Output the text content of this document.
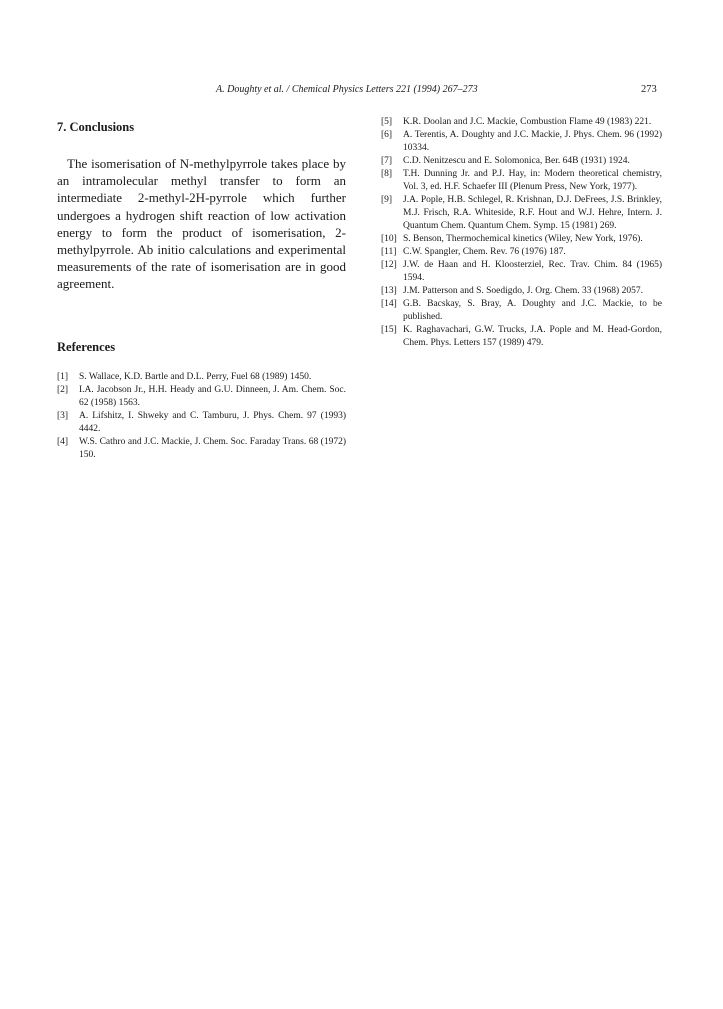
A. Doughty et al. / Chemical Physics Letters 221 (1994) 267–273	273
7. Conclusions

The isomerisation of N-methylpyrrole takes place by an intramolecular methyl transfer to form an intermediate 2-methyl-2H-pyrrole which further undergoes a hydrogen shift reaction of low activation energy to form the product of isomerisation, 2-methylpyrrole. Ab initio calculations and experimental measurements of the rate of isomerisation are in good agreement.

References
[1]	S. Wallace, K.D. Bartle and D.L. Perry, Fuel 68 (1989) 1450.
[2]	I.A. Jacobson Jr., H.H. Heady and G.U. Dinneen, J. Am. Chem. Soc. 62 (1958) 1563.
[3]	A. Lifshitz, I. Shweky and C. Tamburu, J. Phys. Chem. 97 (1993) 4442.
[4]	W.S. Cathro and J.C. Mackie, J. Chem. Soc. Faraday Trans. 68 (1972) 150.
[5]	K.R. Doolan and J.C. Mackie, Combustion Flame 49 (1983) 221.
[6]	A. Terentis, A. Doughty and J.C. Mackie, J. Phys. Chem. 96 (1992) 10334.
[7]	C.D. Nenitzescu and E. Solomonica, Ber. 64B (1931) 1924.
[8]	T.H. Dunning Jr. and P.J. Hay, in: Modern theoretical chemistry, Vol. 3, ed. H.F. Schaefer III (Plenum Press, New York, 1977).
[9]	J.A. Pople, H.B. Schlegel, R. Krishnan, D.J. DeFrees, J.S. Brinkley, M.J. Frisch, R.A. Whiteside, R.F. Hout and W.J. Hehre, Intern. J. Quantum Chem. Quantum Chem. Symp. 15 (1981) 269.
[10] S. Benson, Thermochemical kinetics (Wiley, New York, 1976).
[11] C.W. Spangler, Chem. Rev. 76 (1976) 187.
[12] J.W. de Haan and H. Kloosterziel, Rec. Trav. Chim. 84 (1965) 1594.
[13] J.M. Patterson and S. Soedigdo, J. Org. Chem. 33 (1968) 2057.
[14] G.B. Bacskay, S. Bray, A. Doughty and J.C. Mackie, to be published.
[15] K. Raghavachari, G.W. Trucks, J.A. Pople and M. Head-Gordon, Chem. Phys. Letters 157 (1989) 479.
